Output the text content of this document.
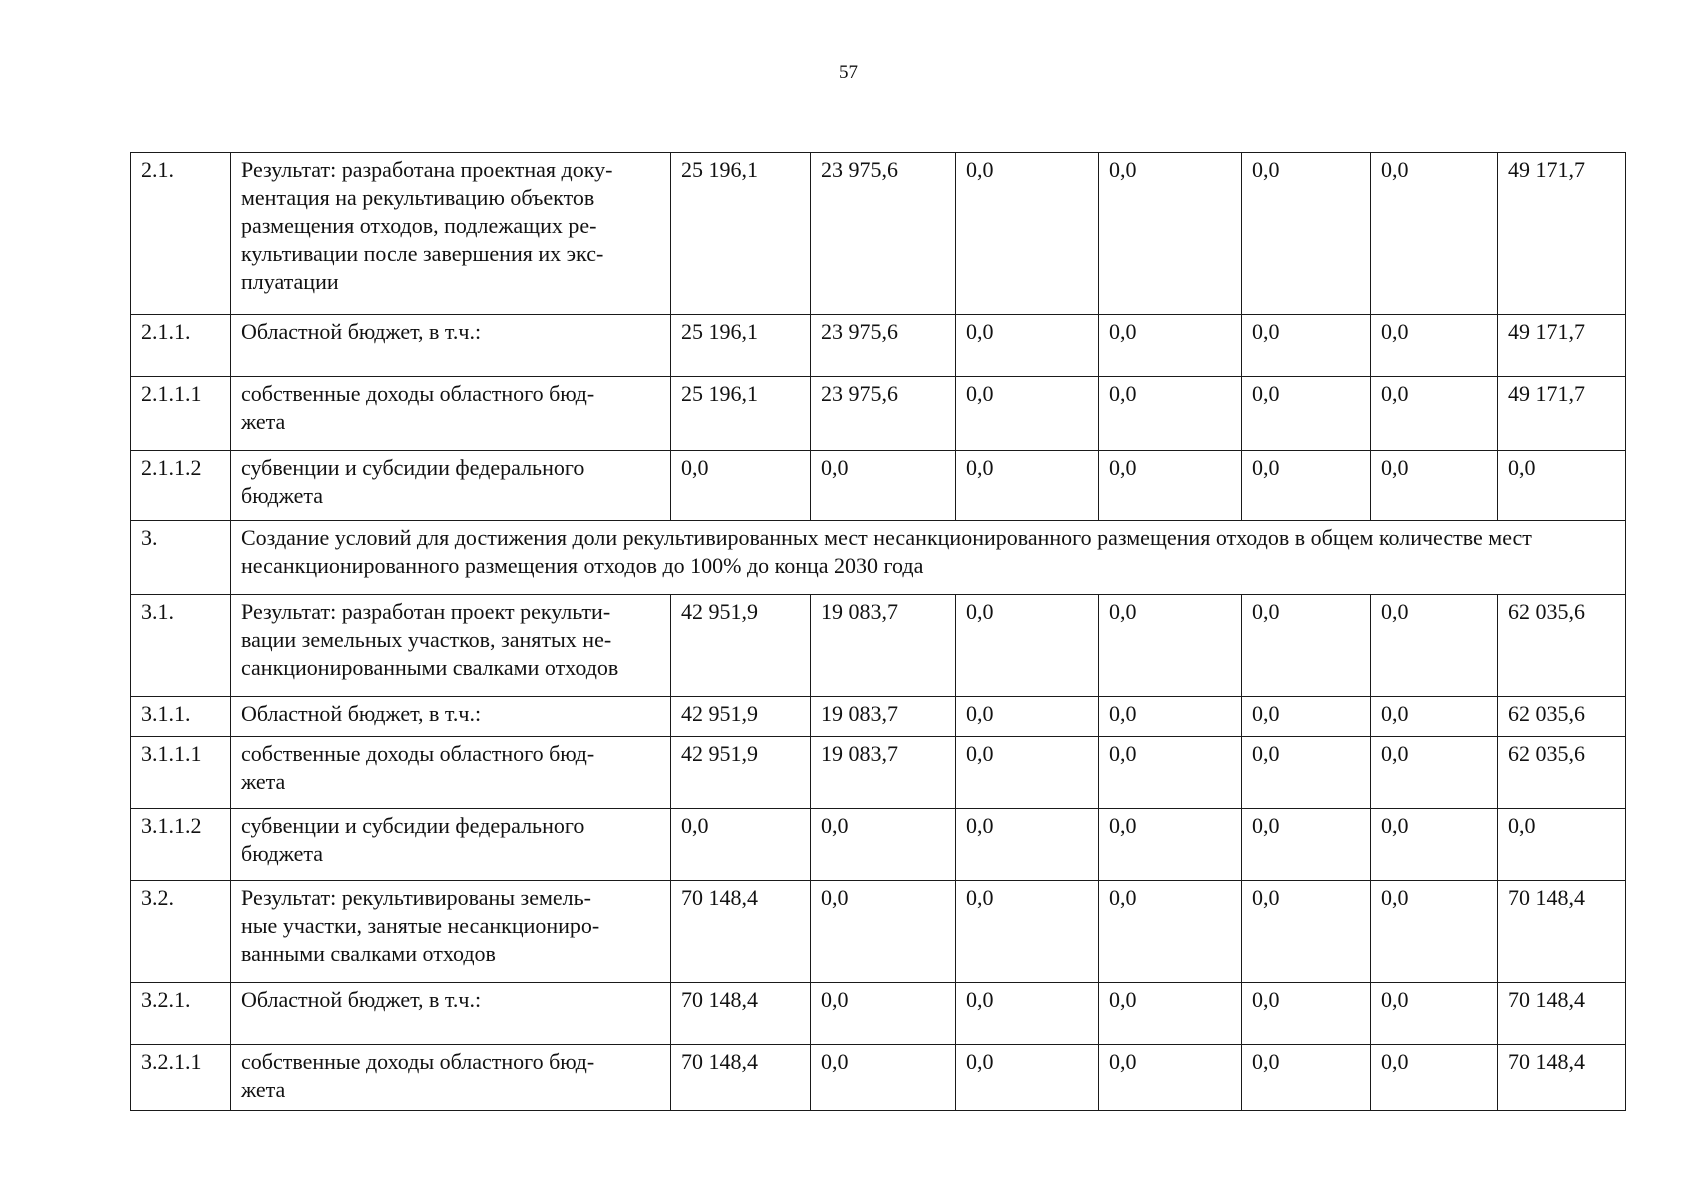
57
2.1.	Результат: разработана проектная доку-
ментация на рекультивацию объектов
размещения отходов, подлежащих ре-
культивации после завершения их экс-
плуатации	25 196,1	23 975,6	0,0	0,0	0,0	0,0	49 171,7
2.1.1.	Областной бюджет, в т.ч.:	25 196,1	23 975,6	0,0	0,0	0,0	0,0	49 171,7
2.1.1.1	собственные доходы областного бюд-
жета	25 196,1	23 975,6	0,0	0,0	0,0	0,0	49 171,7
2.1.1.2	субвенции и субсидии федерального
бюджета	0,0	0,0	0,0	0,0	0,0	0,0	0,0
3.	Создание условий для достижения доли рекультивированных мест несанкционированного размещения отходов в общем количестве мест несанкционированного размещения отходов до 100% до конца 2030 года							
3.1.	Результат: разработан проект рекульти-
вации земельных участков, занятых не-
санкционированными свалками отходов	42 951,9	19 083,7	0,0	0,0	0,0	0,0	62 035,6
3.1.1.	Областной бюджет, в т.ч.:	42 951,9	19 083,7	0,0	0,0	0,0	0,0	62 035,6
3.1.1.1	собственные доходы областного бюд-
жета	42 951,9	19 083,7	0,0	0,0	0,0	0,0	62 035,6
3.1.1.2	субвенции и субсидии федерального
бюджета	0,0	0,0	0,0	0,0	0,0	0,0	0,0
3.2.	Результат: рекультивированы земель-
ные участки, занятые несанкциониро-
ванными свалками отходов	70 148,4	0,0	0,0	0,0	0,0	0,0	70 148,4
3.2.1.	Областной бюджет, в т.ч.:	70 148,4	0,0	0,0	0,0	0,0	0,0	70 148,4
3.2.1.1	собственные доходы областного бюд-
жета	70 148,4	0,0	0,0	0,0	0,0	0,0	70 148,4
